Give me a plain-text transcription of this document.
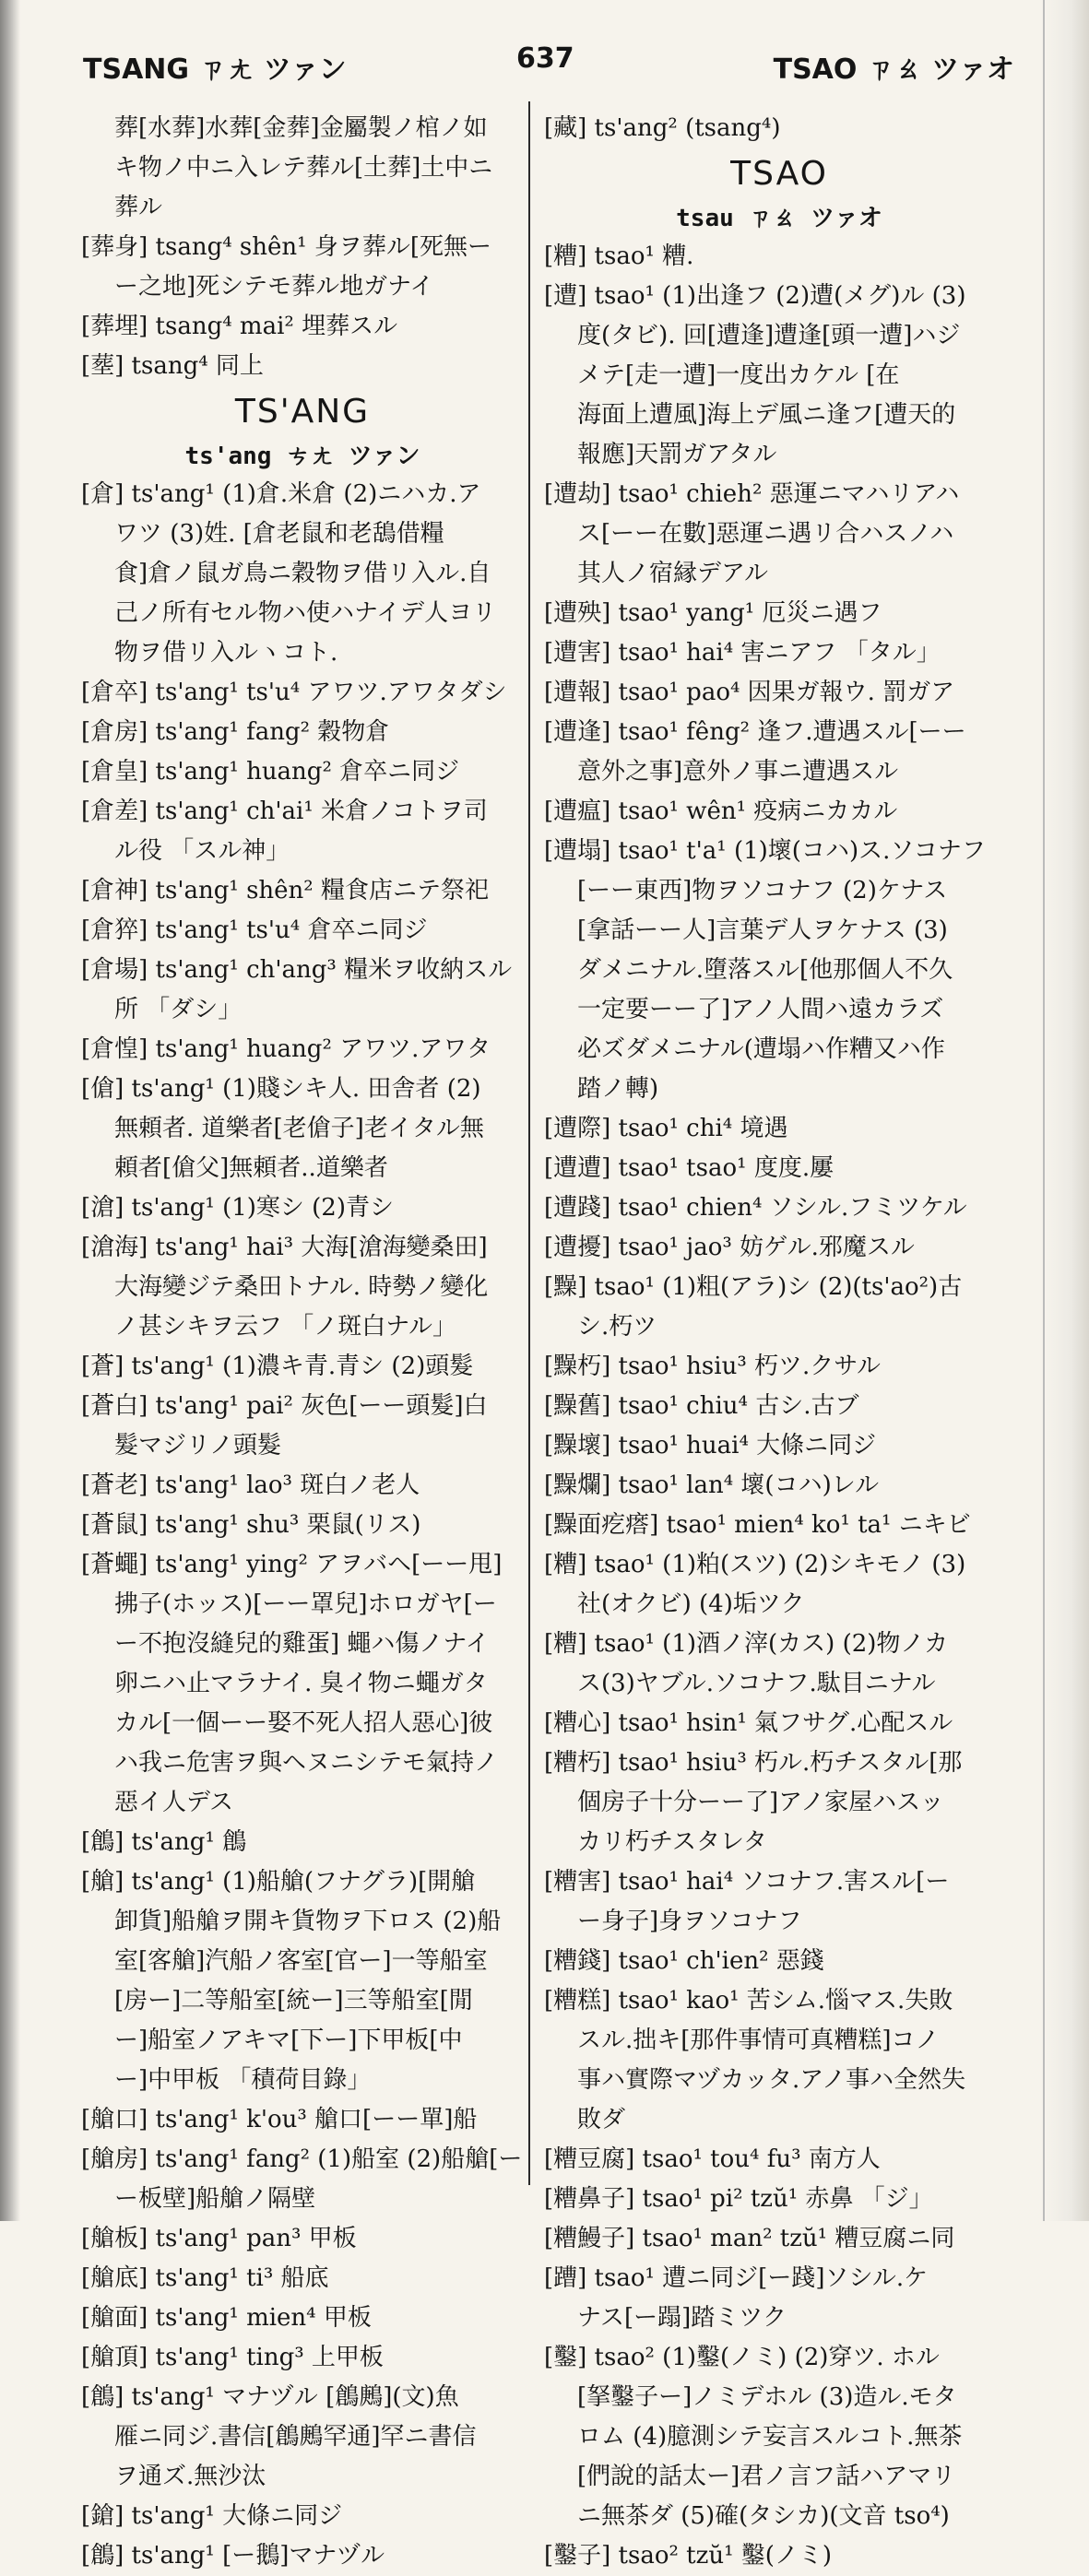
TSANG ㄗㄤ ツァン	637	TSAO ㄗㄠ ツァオ
葬[水葬]水葬[金葬]金屬製ノ棺ノ如
キ物ノ中ニ入レテ葬ル[土葬]土中ニ
葬ル
[葬身] tsang⁴ shên¹ 身ヲ葬ル[死無ー
ー之地]死シテモ葬ル地ガナイ
[葬埋] tsang⁴ mai² 埋葬スル
[塟] tsang⁴ 同上
TS'ANG
ts'ang ㄘㄤ ツァン
[倉] ts'ang¹ (1)倉.米倉 (2)ニハカ.ア
ワツ (3)姓. [倉老鼠和老鴰借糧
食]倉ノ鼠ガ鳥ニ穀物ヲ借リ入ル.自
己ノ所有セル物ハ使ハナイデ人ヨリ
物ヲ借リ入ルヽコト.
[倉卒] ts'ang¹ ts'u⁴ アワツ.アワタダシ
[倉房] ts'ang¹ fang² 穀物倉
[倉皇] ts'ang¹ huang² 倉卒ニ同ジ
[倉差] ts'ang¹ ch'ai¹ 米倉ノコトヲ司
ル役 「スル神」
[倉神] ts'ang¹ shên² 糧食店ニテ祭祀
[倉猝] ts'ang¹ ts'u⁴ 倉卒ニ同ジ
[倉場] ts'ang¹ ch'ang³ 糧米ヲ收納スル
所 「ダシ」
[倉惶] ts'ang¹ huang² アワツ.アワタ
[傖] ts'ang¹ (1)賤シキ人. 田舎者 (2)
無頼者. 道樂者[老傖子]老イタル無
頼者[傖父]無頼者..道樂者
[滄] ts'ang¹ (1)寒シ (2)青シ
[滄海] ts'ang¹ hai³ 大海[滄海變桑田]
大海變ジテ桑田トナル. 時勢ノ變化
ノ甚シキヲ云フ 「ノ斑白ナル」
[蒼] ts'ang¹ (1)濃キ青.青シ (2)頭髮
[蒼白] ts'ang¹ pai² 灰色[ーー頭髮]白
髮マジリノ頭髮
[蒼老] ts'ang¹ lao³ 斑白ノ老人
[蒼鼠] ts'ang¹ shu³ 栗鼠(リス)
[蒼蠅] ts'ang¹ ying² アヲバヘ[ーー甩]
拂子(ホッス)[ーー罩兒]ホロガヤ[ー
ー不抱沒縫兒的雞蛋] 蠅ハ傷ノナイ
卵ニハ止マラナイ. 臭イ物ニ蠅ガタ
カル[一個ーー娶不死人招人惡心]彼
ハ我ニ危害ヲ與ヘヌニシテモ氣持ノ
惡イ人デス
[鶬] ts'ang¹ 鶬
[艙] ts'ang¹ (1)船艙(フナグラ)[開艙
卸貨]船艙ヲ開キ貨物ヲ下ロス (2)船
室[客艙]汽船ノ客室[官ー]一等船室
[房ー]二等船室[統ー]三等船室[閒
ー]船室ノアキマ[下ー]下甲板[中
ー]中甲板 「積荷目錄」
[艙口] ts'ang¹ k'ou³ 艙口[ーー單]船
[艙房] ts'ang¹ fang² (1)船室 (2)船艙[ー
ー板壁]船艙ノ隔壁
[艙板] ts'ang¹ pan³ 甲板
[艙底] ts'ang¹ ti³ 船底
[艙面] ts'ang¹ mien⁴ 甲板
[艙頂] ts'ang¹ ting³ 上甲板
[鶬] ts'ang¹ マナヅル [鶬鶊](文)魚
雁ニ同ジ.書信[鶬鶊罕通]罕ニ書信
ヲ通ズ.無沙汰
[鎗] ts'ang¹ 大條ニ同ジ
[鶬] ts'ang¹ [ー鵝]マナヅル
[藏] ts'ang² (tsang⁴)
TSAO
tsau ㄗㄠ ツァオ
[糟] tsao¹ 糟.
[遭] tsao¹ (1)出逢フ (2)遭(メグ)ル (3)
度(タビ). 回[遭逢]遭逢[頭一遭]ハジ
メテ[走一遭]一度出カケル [在
海面上遭風]海上デ風ニ逢フ[遭天的
報應]天罰ガアタル
[遭劫] tsao¹ chieh² 惡運ニマハリアハ
ス[ーー在數]惡運ニ遇リ合ハスノハ
其人ノ宿縁デアル
[遭殃] tsao¹ yang¹ 厄災ニ遇フ
[遭害] tsao¹ hai⁴ 害ニアフ 「タル」
[遭報] tsao¹ pao⁴ 因果ガ報ウ. 罰ガア
[遭逢] tsao¹ fêng² 逢フ.遭遇スル[ーー
意外之事]意外ノ事ニ遭遇スル
[遭瘟] tsao¹ wên¹ 疫病ニカカル
[遭塌] tsao¹ t'a¹ (1)壞(コハ)ス.ソコナフ
[ーー東西]物ヲソコナフ (2)ケナス
[拿話ーー人]言葉デ人ヲケナス (3)
ダメニナル.墮落スル[他那個人不久
一定要ーー了]アノ人間ハ遠カラズ
必ズダメニナル(遭塌ハ作糟又ハ作
踏ノ轉)
[遭際] tsao¹ chi⁴ 境遇
[遭遭] tsao¹ tsao¹ 度度.屢
[遭踐] tsao¹ chien⁴ ソシル.フミツケル
[遭擾] tsao¹ jao³ 妨ゲル.邪魔スル
[䵲] tsao¹ (1)粗(アラ)シ (2)(ts'ao²)古
シ.朽ツ
[䵲朽] tsao¹ hsiu³ 朽ツ.クサル
[䵲舊] tsao¹ chiu⁴ 古シ.古ブ
[䵲壞] tsao¹ huai⁴ 大條ニ同ジ
[䵲爛] tsao¹ lan⁴ 壞(コハ)レル
[䵲面疙瘩] tsao¹ mien⁴ ko¹ ta¹ ニキビ
[糟] tsao¹ (1)粕(スツ) (2)シキモノ (3)
社(オクビ) (4)垢ツク
[糟] tsao¹ (1)酒ノ滓(カス) (2)物ノカ
ス(3)ヤブル.ソコナフ.駄目ニナル
[糟心] tsao¹ hsin¹ 氣フサグ.心配スル
[糟朽] tsao¹ hsiu³ 朽ル.朽チスタル[那
個房子十分ーー了]アノ家屋ハスッ
カリ朽チスタレタ
[糟害] tsao¹ hai⁴ ソコナフ.害スル[ー
ー身子]身ヲソコナフ
[糟錢] tsao¹ ch'ien² 惡錢
[糟糕] tsao¹ kao¹ 苦シム.惱マス.失敗
スル.拙キ[那件事情可真糟糕]コノ
事ハ實際マヅカッタ.アノ事ハ全然失
敗ダ
[糟豆腐] tsao¹ tou⁴ fu³ 南方人
[糟鼻子] tsao¹ pi² tzŭ¹ 赤鼻 「ジ」
[糟鰻子] tsao¹ man² tzŭ¹ 糟豆腐ニ同
[蹧] tsao¹ 遭ニ同ジ[ー踐]ソシル.ケ
ナス[ー蹋]踏ミツク
[鑿] tsao² (1)鑿(ノミ) (2)穿ツ. ホル
[拏鑿子ー]ノミデホル (3)造ル.モタ
ロム (4)臆測シテ妄言スルコト.無茶
[們說的話太ー]君ノ言フ話ハアマリ
ニ無茶ダ (5)確(タシカ)(文音 tso⁴)
[鑿子] tsao² tzŭ¹ 鑿(ノミ)
